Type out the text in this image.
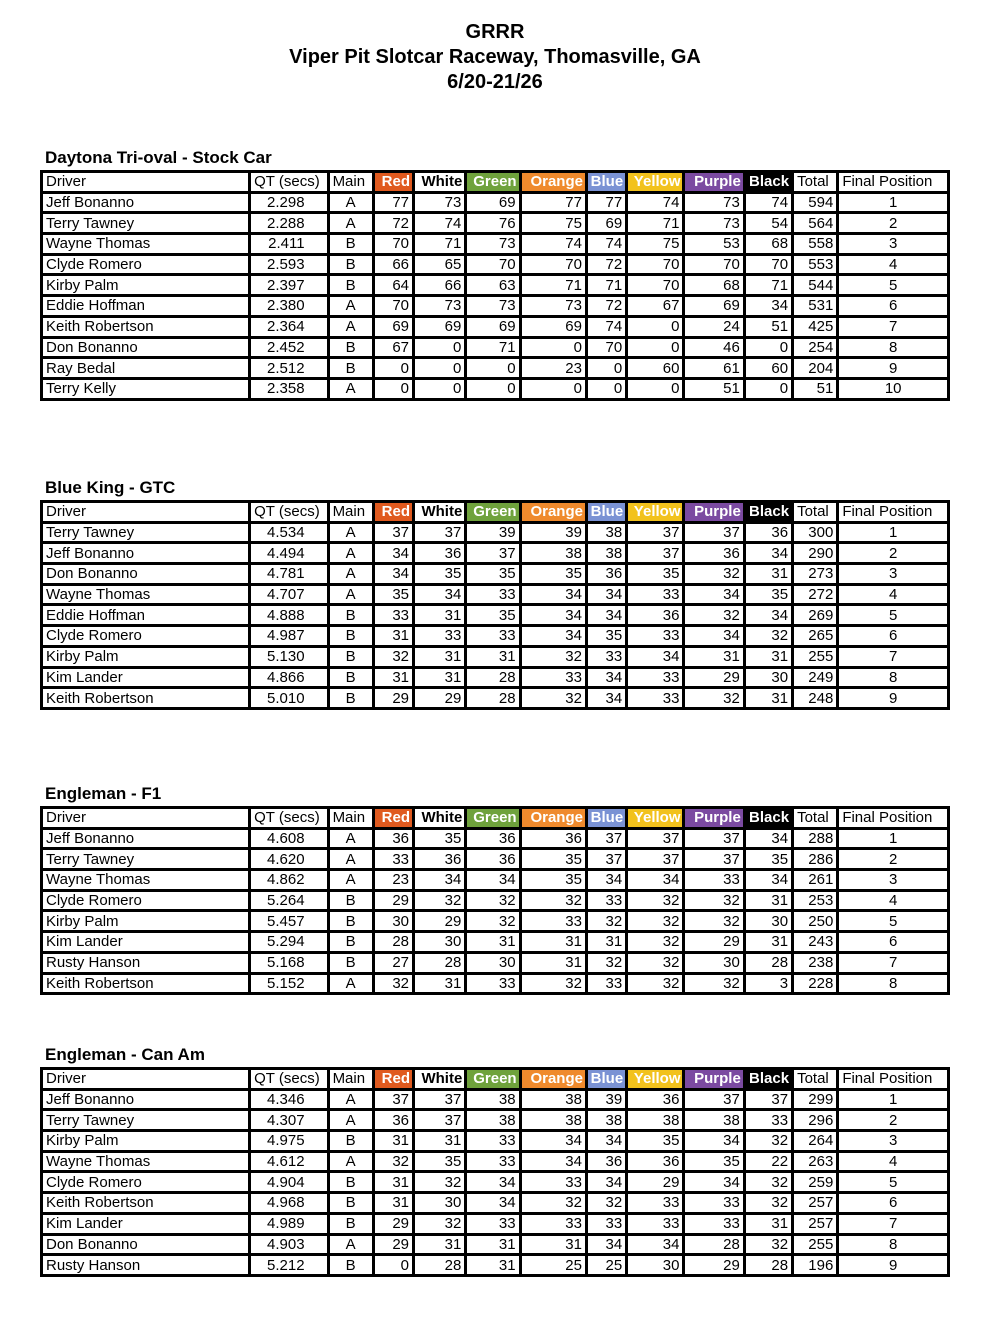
GRRR
Viper Pit Slotcar Raceway, Thomasville, GA
6/20-21/26
Daytona Tri-oval - Stock Car
Driver	QT (secs)	Main	Red	White	Green	Orange	Blue	Yellow	Purple	Black	Total	Final Position
Jeff Bonanno	2.298	A	77	73	69	77	77	74	73	74	594	1
Terry Tawney	2.288	A	72	74	76	75	69	71	73	54	564	2
Wayne Thomas	2.411	B	70	71	73	74	74	75	53	68	558	3
Clyde Romero	2.593	B	66	65	70	70	72	70	70	70	553	4
Kirby Palm	2.397	B	64	66	63	71	71	70	68	71	544	5
Eddie Hoffman	2.380	A	70	73	73	73	72	67	69	34	531	6
Keith Robertson	2.364	A	69	69	69	69	74	0	24	51	425	7
Don Bonanno	2.452	B	67	0	71	0	70	0	46	0	254	8
Ray Bedal	2.512	B	0	0	0	23	0	60	61	60	204	9
Terry Kelly	2.358	A	0	0	0	0	0	0	51	0	51	10
Blue King - GTC
Driver	QT (secs)	Main	Red	White	Green	Orange	Blue	Yellow	Purple	Black	Total	Final Position
Terry Tawney	4.534	A	37	37	39	39	38	37	37	36	300	1
Jeff Bonanno	4.494	A	34	36	37	38	38	37	36	34	290	2
Don Bonanno	4.781	A	34	35	35	35	36	35	32	31	273	3
Wayne Thomas	4.707	A	35	34	33	34	34	33	34	35	272	4
Eddie Hoffman	4.888	B	33	31	35	34	34	36	32	34	269	5
Clyde Romero	4.987	B	31	33	33	34	35	33	34	32	265	6
Kirby Palm	5.130	B	32	31	31	32	33	34	31	31	255	7
Kim Lander	4.866	B	31	31	28	33	34	33	29	30	249	8
Keith Robertson	5.010	B	29	29	28	32	34	33	32	31	248	9
Engleman - F1
Driver	QT (secs)	Main	Red	White	Green	Orange	Blue	Yellow	Purple	Black	Total	Final Position
Jeff Bonanno	4.608	A	36	35	36	36	37	37	37	34	288	1
Terry Tawney	4.620	A	33	36	36	35	37	37	37	35	286	2
Wayne Thomas	4.862	A	23	34	34	35	34	34	33	34	261	3
Clyde Romero	5.264	B	29	32	32	32	33	32	32	31	253	4
Kirby Palm	5.457	B	30	29	32	33	32	32	32	30	250	5
Kim Lander	5.294	B	28	30	31	31	31	32	29	31	243	6
Rusty Hanson	5.168	B	27	28	30	31	32	32	30	28	238	7
Keith Robertson	5.152	A	32	31	33	32	33	32	32	3	228	8
Engleman - Can Am
Driver	QT (secs)	Main	Red	White	Green	Orange	Blue	Yellow	Purple	Black	Total	Final Position
Jeff Bonanno	4.346	A	37	37	38	38	39	36	37	37	299	1
Terry Tawney	4.307	A	36	37	38	38	38	38	38	33	296	2
Kirby Palm	4.975	B	31	31	33	34	34	35	34	32	264	3
Wayne Thomas	4.612	A	32	35	33	34	36	36	35	22	263	4
Clyde Romero	4.904	B	31	32	34	33	34	29	34	32	259	5
Keith Robertson	4.968	B	31	30	34	32	32	33	33	32	257	6
Kim Lander	4.989	B	29	32	33	33	33	33	33	31	257	7
Don Bonanno	4.903	A	29	31	31	31	34	34	28	32	255	8
Rusty Hanson	5.212	B	0	28	31	25	25	30	29	28	196	9
